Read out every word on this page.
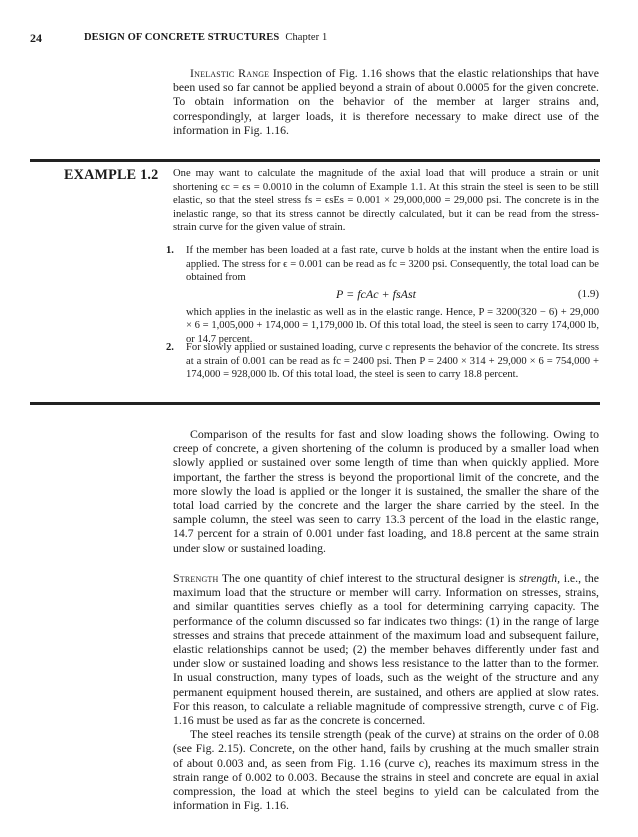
24	DESIGN OF CONCRETE STRUCTURES Chapter 1

Inelastic Range Inspection of Fig. 1.16 shows that the elastic relationships that have been used so far cannot be applied beyond a strain of about 0.0005 for the given concrete. To obtain information on the behavior of the member at larger strains and, correspondingly, at larger loads, it is therefore necessary to make direct use of the information in Fig. 1.16.

EXAMPLE 1.2 One may want to calculate the magnitude of the axial load that will produce a strain or unit shortening ϵc = ϵs = 0.0010 in the column of Example 1.1. At this strain the steel is seen to be still elastic, so that the steel stress fs = ϵsEs = 0.001 × 29,000,000 = 29,000 psi. The concrete is in the inelastic range, so that its stress cannot be directly calculated, but it can be read from the stress-strain curve for the given value of strain.

1. If the member has been loaded at a fast rate, curve b holds at the instant when the entire load is applied. The stress for ϵ = 0.001 can be read as fc = 3200 psi. Consequently, the total load can be obtained from

P = fcAc + fsAst	(1.9)

which applies in the inelastic as well as in the elastic range. Hence, P = 3200(320 − 6) + 29,000 × 6 = 1,005,000 + 174,000 = 1,179,000 lb. Of this total load, the steel is seen to carry 174,000 lb, or 14.7 percent.

2. For slowly applied or sustained loading, curve c represents the behavior of the concrete. Its stress at a strain of 0.001 can be read as fc = 2400 psi. Then P = 2400 × 314 + 29,000 × 6 = 754,000 + 174,000 = 928,000 lb. Of this total load, the steel is seen to carry 18.8 percent.

Comparison of the results for fast and slow loading shows the following. Owing to creep of concrete, a given shortening of the column is produced by a smaller load when slowly applied or sustained over some length of time than when quickly applied. More important, the farther the stress is beyond the proportional limit of the concrete, and the more slowly the load is applied or the longer it is sustained, the smaller the share of the total load carried by the concrete and the larger the share carried by the steel. In the sample column, the steel was seen to carry 13.3 percent of the load in the elastic range, 14.7 percent for a strain of 0.001 under fast loading, and 18.8 percent at the same strain under slow or sustained loading.

Strength The one quantity of chief interest to the structural designer is strength, i.e., the maximum load that the structure or member will carry. Information on stresses, strains, and similar quantities serves chiefly as a tool for determining carrying capacity. The performance of the column discussed so far indicates two things: (1) in the range of large stresses and strains that precede attainment of the maximum load and subsequent failure, elastic relationships cannot be used; (2) the member behaves differently under fast and under slow or sustained loading and shows less resistance to the latter than to the former. In usual construction, many types of loads, such as the weight of the structure and any permanent equipment housed therein, are sustained, and others are applied at slow rates. For this reason, to calculate a reliable magnitude of compressive strength, curve c of Fig. 1.16 must be used as far as the concrete is concerned.

The steel reaches its tensile strength (peak of the curve) at strains on the order of 0.08 (see Fig. 2.15). Concrete, on the other hand, fails by crushing at the much smaller strain of about 0.003 and, as seen from Fig. 1.16 (curve c), reaches its maximum stress in the strain range of 0.002 to 0.003. Because the strains in steel and concrete are equal in axial compression, the load at which the steel begins to yield can be calculated from the information in Fig. 1.16.
